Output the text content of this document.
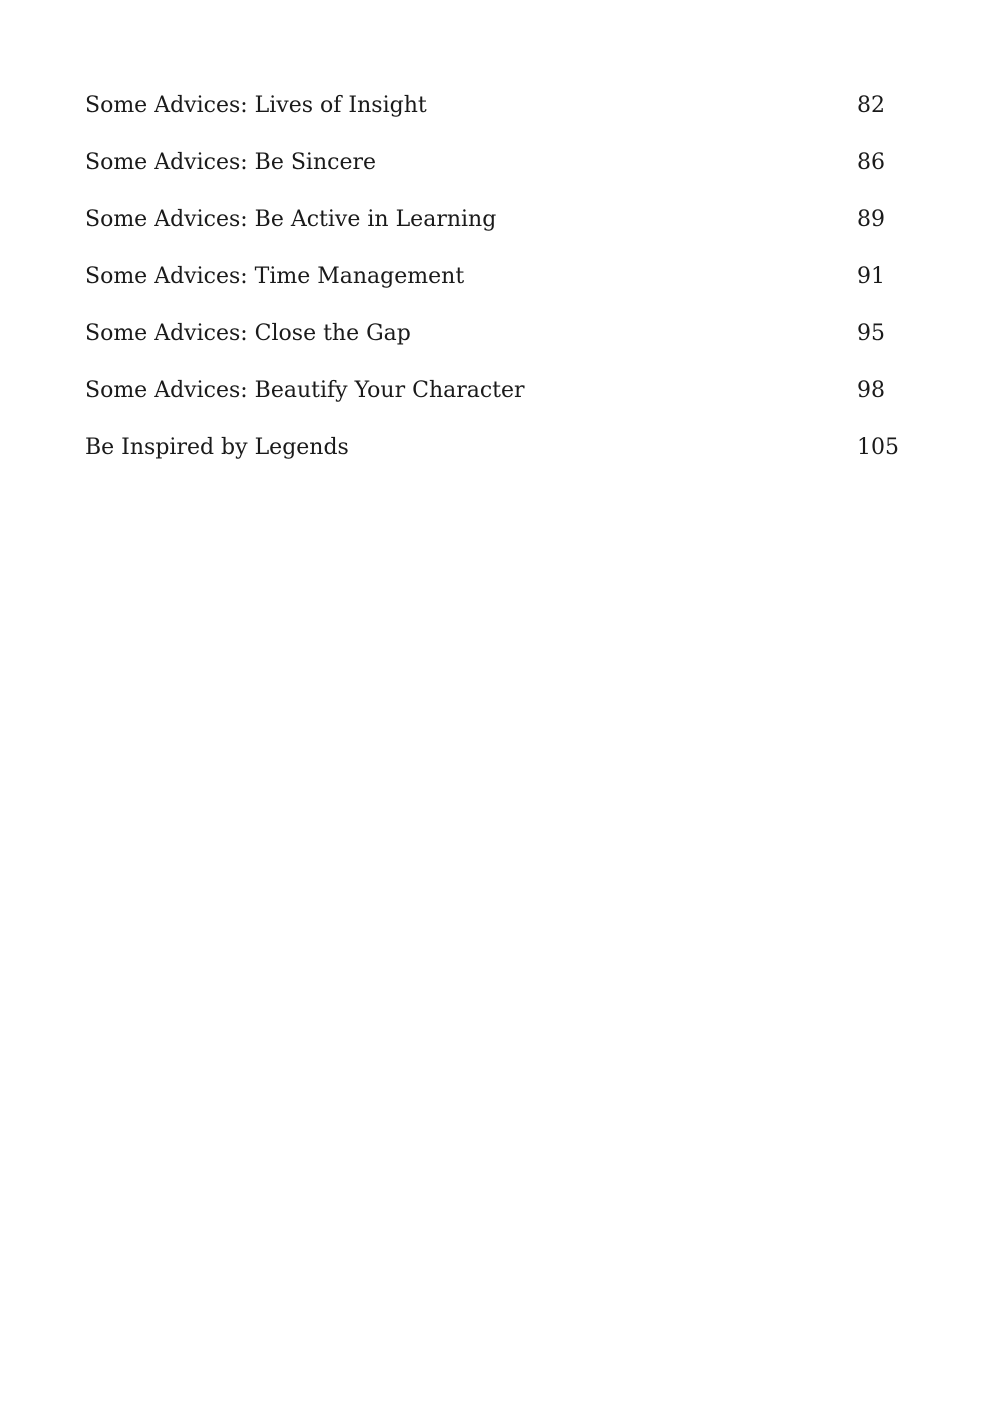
Some Advices: Lives of Insight	82
Some Advices: Be Sincere	86
Some Advices: Be Active in Learning	89
Some Advices: Time Management	91
Some Advices: Close the Gap	95
Some Advices: Beautify Your Character	98
Be Inspired by Legends	105
